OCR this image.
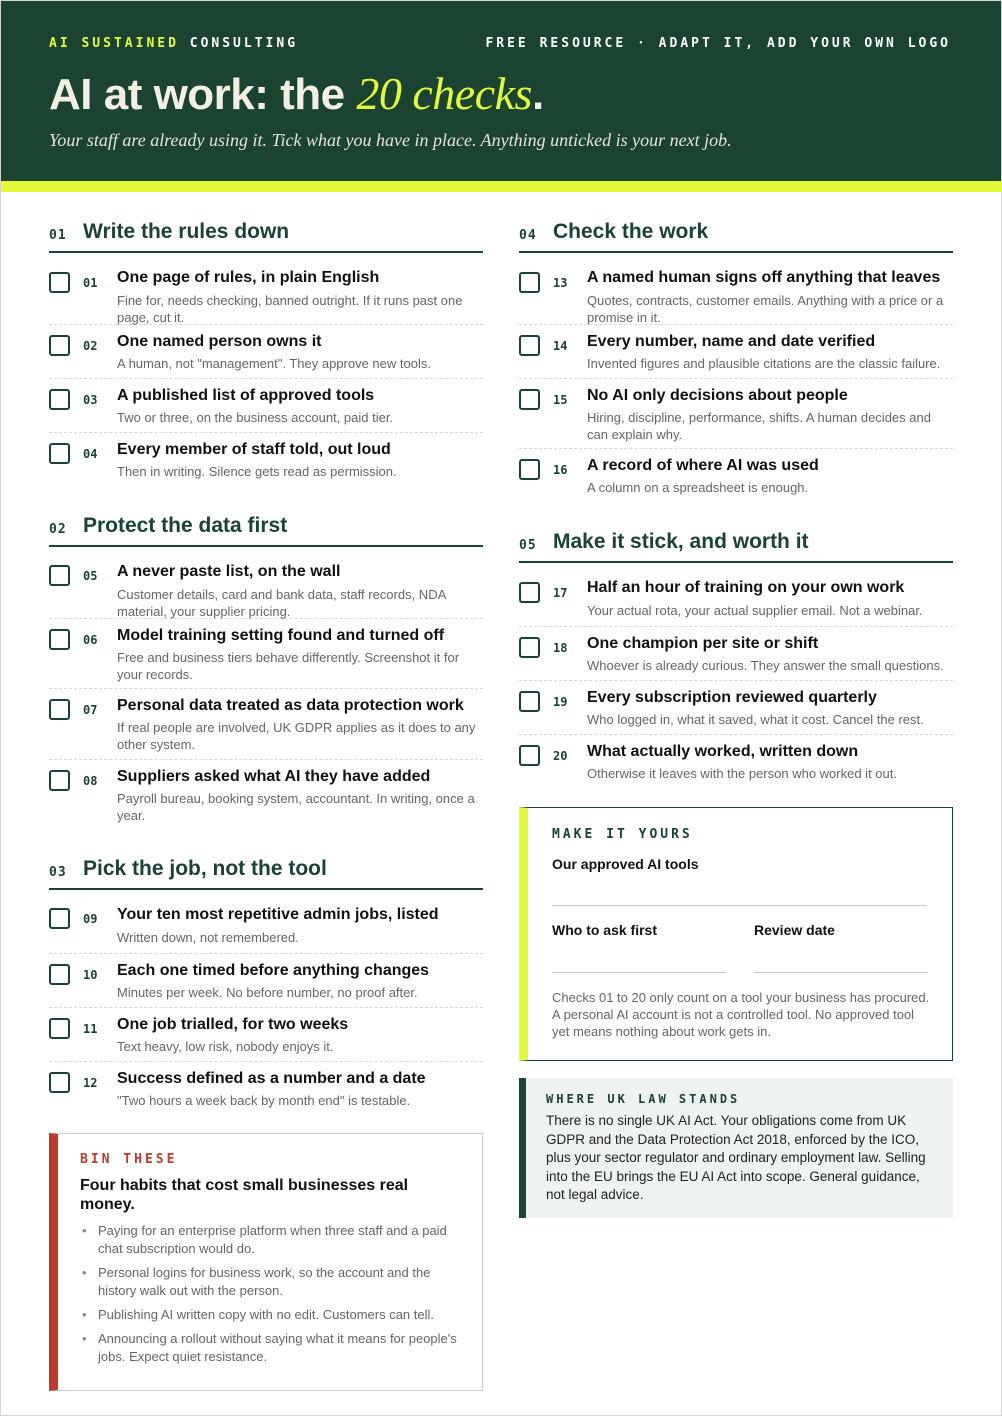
AI SUSTAINED CONSULTING	FREE RESOURCE · ADAPT IT, ADD YOUR OWN LOGO
AI at work: the 20 checks.
Your staff are already using it. Tick what you have in place. Anything unticked is your next job.
01 Write the rules down
01 One page of rules, in plain English
Fine for, needs checking, banned outright. If it runs past one page, cut it.
02 One named person owns it
A human, not "management". They approve new tools.
03 A published list of approved tools
Two or three, on the business account, paid tier.
04 Every member of staff told, out loud
Then in writing. Silence gets read as permission.
02 Protect the data first
05 A never paste list, on the wall
Customer details, card and bank data, staff records, NDA material, your supplier pricing.
06 Model training setting found and turned off
Free and business tiers behave differently. Screenshot it for your records.
07 Personal data treated as data protection work
If real people are involved, UK GDPR applies as it does to any other system.
08 Suppliers asked what AI they have added
Payroll bureau, booking system, accountant. In writing, once a year.
03 Pick the job, not the tool
09 Your ten most repetitive admin jobs, listed
Written down, not remembered.
10 Each one timed before anything changes
Minutes per week. No before number, no proof after.
11 One job trialled, for two weeks
Text heavy, low risk, nobody enjoys it.
12 Success defined as a number and a date
"Two hours a week back by month end" is testable.
04 Check the work
13 A named human signs off anything that leaves
Quotes, contracts, customer emails. Anything with a price or a promise in it.
14 Every number, name and date verified
Invented figures and plausible citations are the classic failure.
15 No AI only decisions about people
Hiring, discipline, performance, shifts. A human decides and can explain why.
16 A record of where AI was used
A column on a spreadsheet is enough.
05 Make it stick, and worth it
17 Half an hour of training on your own work
Your actual rota, your actual supplier email. Not a webinar.
18 One champion per site or shift
Whoever is already curious. They answer the small questions.
19 Every subscription reviewed quarterly
Who logged in, what it saved, what it cost. Cancel the rest.
20 What actually worked, written down
Otherwise it leaves with the person who worked it out.
BIN THESE
Four habits that cost small businesses real money.
• Paying for an enterprise platform when three staff and a paid chat subscription would do.
• Personal logins for business work, so the account and the history walk out with the person.
• Publishing AI written copy with no edit. Customers can tell.
• Announcing a rollout without saying what it means for people's jobs. Expect quiet resistance.
MAKE IT YOURS
Our approved AI tools
Who to ask first	Review date
Checks 01 to 20 only count on a tool your business has procured. A personal AI account is not a controlled tool. No approved tool yet means nothing about work gets in.
WHERE UK LAW STANDS
There is no single UK AI Act. Your obligations come from UK GDPR and the Data Protection Act 2018, enforced by the ICO, plus your sector regulator and ordinary employment law. Selling into the EU brings the EU AI Act into scope. General guidance, not legal advice.
